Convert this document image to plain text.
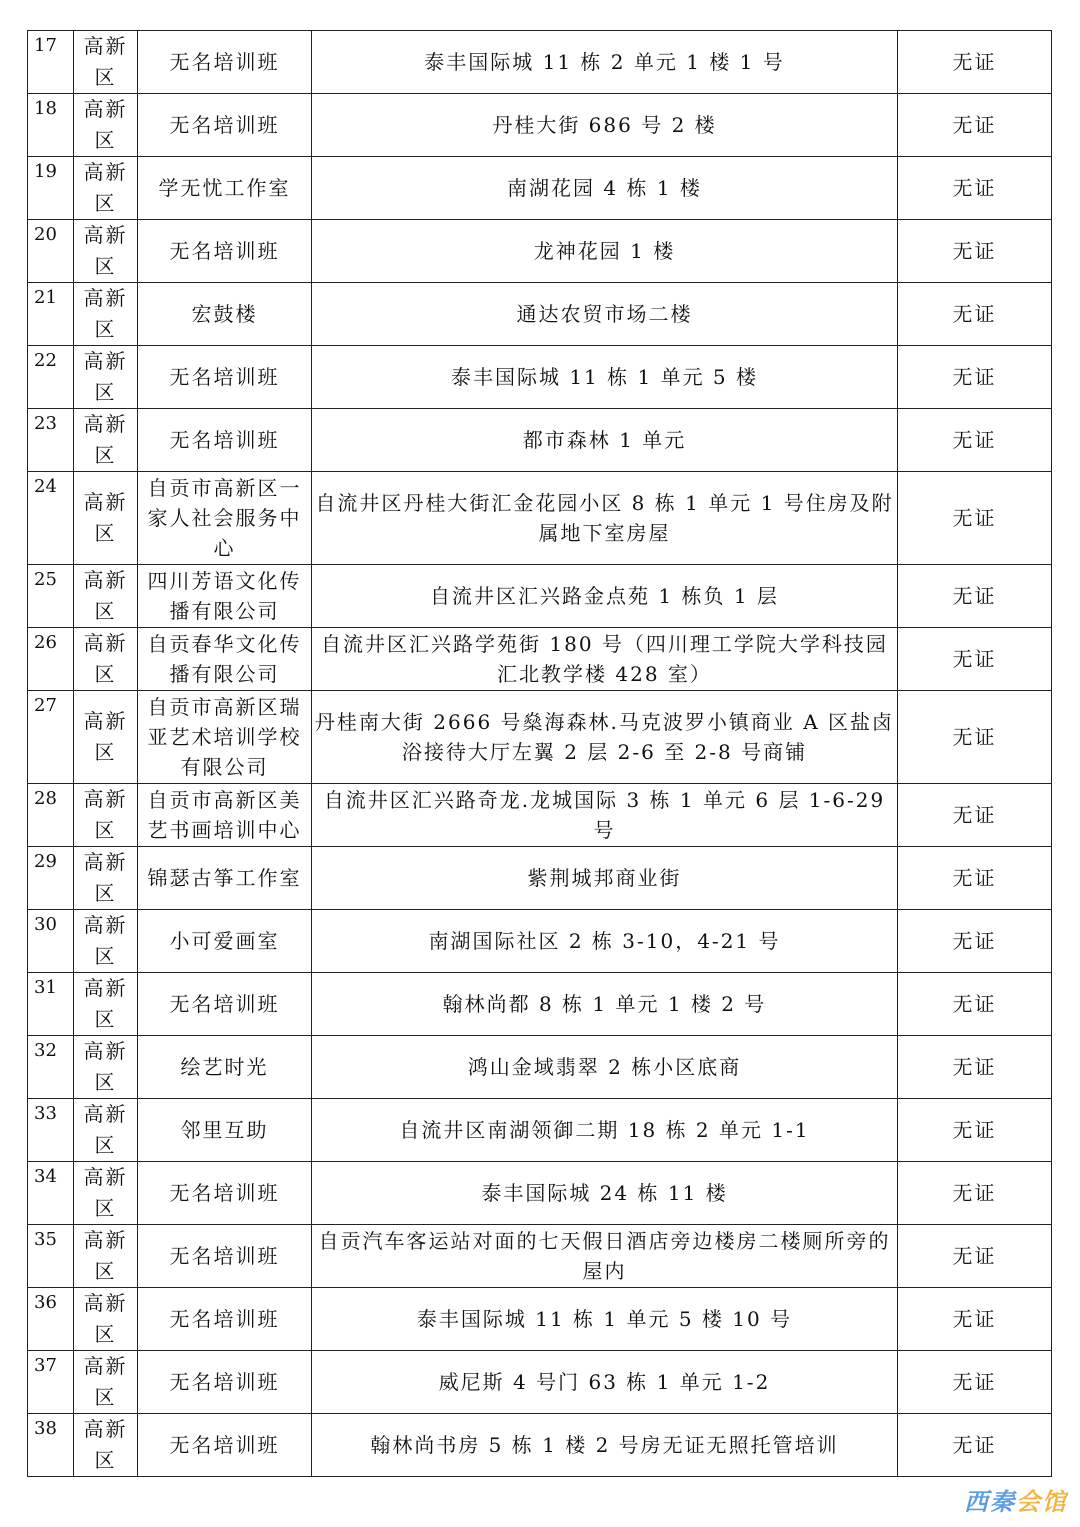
17	高新区	无名培训班	泰丰国际城 11 栋 2 单元 1 楼 1 号	无证
18	高新区	无名培训班	丹桂大街 686 号 2 楼	无证
19	高新区	学无忧工作室	南湖花园 4 栋 1 楼	无证
20	高新区	无名培训班	龙神花园 1 楼	无证
21	高新区	宏鼓楼	通达农贸市场二楼	无证
22	高新区	无名培训班	泰丰国际城 11 栋 1 单元 5 楼	无证
23	高新区	无名培训班	都市森林 1 单元	无证
24	高新区	自贡市高新区一家人社会服务中心	自流井区丹桂大街汇金花园小区 8 栋 1 单元 1 号住房及附属地下室房屋	无证
25	高新区	四川芳语文化传播有限公司	自流井区汇兴路金点苑 1 栋负 1 层	无证
26	高新区	自贡春华文化传播有限公司	自流井区汇兴路学苑街 180 号（四川理工学院大学科技园汇北教学楼 428 室）	无证
27	高新区	自贡市高新区瑞亚艺术培训学校有限公司	丹桂南大街 2666 号燊海森林.马克波罗小镇商业 A 区盐卤浴接待大厅左翼 2 层 2-6 至 2-8 号商铺	无证
28	高新区	自贡市高新区美艺书画培训中心	自流井区汇兴路奇龙.龙城国际 3 栋 1 单元 6 层 1-6-29 号	无证
29	高新区	锦瑟古筝工作室	紫荆城邦商业街	无证
30	高新区	小可爱画室	南湖国际社区 2 栋 3-10，4-21 号	无证
31	高新区	无名培训班	翰林尚都 8 栋 1 单元 1 楼 2 号	无证
32	高新区	绘艺时光	鸿山金域翡翠 2 栋小区底商	无证
33	高新区	邻里互助	自流井区南湖领御二期 18 栋 2 单元 1-1	无证
34	高新区	无名培训班	泰丰国际城 24 栋 11 楼	无证
35	高新区	无名培训班	自贡汽车客运站对面的七天假日酒店旁边楼房二楼厕所旁的屋内	无证
36	高新区	无名培训班	泰丰国际城 11 栋 1 单元 5 楼 10 号	无证
37	高新区	无名培训班	威尼斯 4 号门 63 栋 1 单元 1-2	无证
38	高新区	无名培训班	翰林尚书房 5 栋 1 楼 2 号房无证无照托管培训	无证
西秦会馆
